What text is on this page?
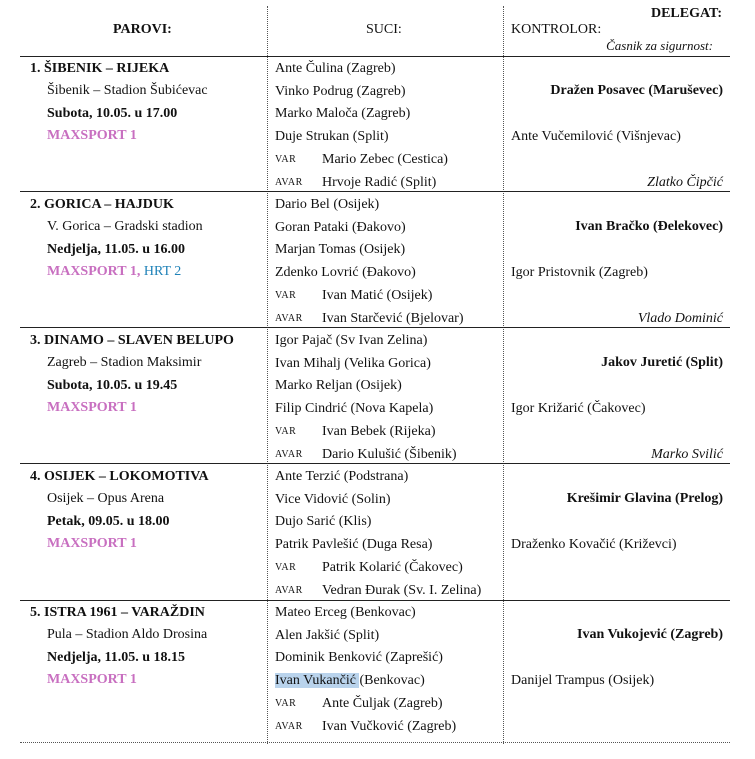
PAROVI:	SUCI:	KONTROLOR:
DELEGAT:
Časnik za sigurnost:
1. ŠIBENIK – RIJEKA
Šibenik – Stadion Šubićevac
Subota, 10.05. u 17.00
MAXSPORT 1
Ante Čulina (Zagreb)
Vinko Podrug (Zagreb)
Marko Maloča (Zagreb)
Duje Strukan (Split)
VAR Mario Zebec (Cestica)
AVAR Hrvoje Radić (Split)
Dražen Posavec (Maruševec)
Ante Vučemilović (Višnjevac)
Zlatko Čipčić
2. GORICA – HAJDUK
V. Gorica – Gradski stadion
Nedjelja, 11.05. u 16.00
MAXSPORT 1, HRT 2
Dario Bel (Osijek)
Goran Pataki (Đakovo)
Marjan Tomas (Osijek)
Zdenko Lovrić (Đakovo)
VAR Ivan Matić (Osijek)
AVAR Ivan Starčević (Bjelovar)
Ivan Bračko (Đelekovec)
Igor Pristovnik (Zagreb)
Vlado Dominić
3. DINAMO – SLAVEN BELUPO
Zagreb – Stadion Maksimir
Subota, 10.05. u 19.45
MAXSPORT 1
Igor Pajač (Sv Ivan Zelina)
Ivan Mihalj (Velika Gorica)
Marko Reljan (Osijek)
Filip Cindrić (Nova Kapela)
VAR Ivan Bebek (Rijeka)
AVAR Dario Kulušić (Šibenik)
Jakov Juretić (Split)
Igor Križarić (Čakovec)
Marko Svilić
4. OSIJEK – LOKOMOTIVA
Osijek – Opus Arena
Petak, 09.05. u 18.00
MAXSPORT 1
Ante Terzić (Podstrana)
Vice Vidović (Solin)
Dujo Sarić (Klis)
Patrik Pavlešić (Duga Resa)
VAR Patrik Kolarić (Čakovec)
AVAR Vedran Đurak (Sv. I. Zelina)
Krešimir Glavina (Prelog)
Draženko Kovačić (Križevci)
5. ISTRA 1961 – VARAŽDIN
Pula – Stadion Aldo Drosina
Nedjelja, 11.05. u 18.15
MAXSPORT 1
Mateo Erceg (Benkovac)
Alen Jakšić (Split)
Dominik Benković (Zaprešić)
Ivan Vukančić (Benkovac)
VAR Ante Čuljak (Zagreb)
AVAR Ivan Vučković (Zagreb)
Ivan Vukojević (Zagreb)
Danijel Trampus (Osijek)
